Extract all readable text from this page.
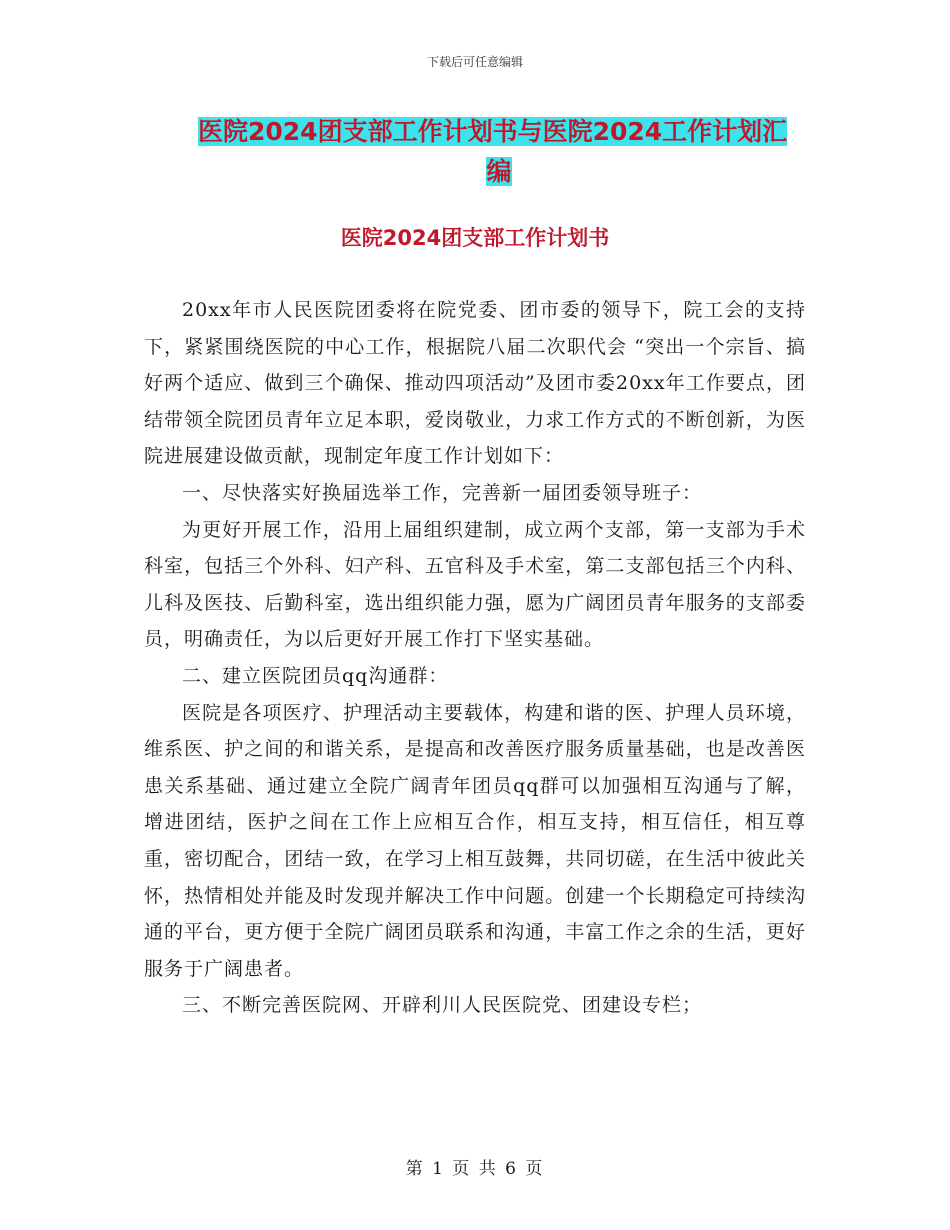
下载后可任意编辑
医院2024团支部工作计划书与医院2024工作计划汇
编
医院2024团支部工作计划书

20xx年市人民医院团委将在院党委、团市委的领导下，院工会的支持下，紧紧围绕医院的中心工作，根据院八届二次职代会 “突出一个宗旨、搞好两个适应、做到三个确保、推动四项活动”及团市委20xx年工作要点，团结带领全院团员青年立足本职，爱岗敬业，力求工作方式的不断创新，为医院进展建设做贡献，现制定年度工作计划如下：

一、尽快落实好换届选举工作，完善新一届团委领导班子：

为更好开展工作，沿用上届组织建制，成立两个支部，第一支部为手术科室，包括三个外科、妇产科、五官科及手术室，第二支部包括三个内科、儿科及医技、后勤科室，选出组织能力强，愿为广阔团员青年服务的支部委员，明确责任，为以后更好开展工作打下坚实基础。

二、建立医院团员qq沟通群：

医院是各项医疗、护理活动主要载体，构建和谐的医、护理人员环境，维系医、护之间的和谐关系，是提高和改善医疗服务质量基础，也是改善医患关系基础、通过建立全院广阔青年团员qq群可以加强相互沟通与了解，增进团结，医护之间在工作上应相互合作，相互支持，相互信任，相互尊重，密切配合，团结一致，在学习上相互鼓舞，共同切磋，在生活中彼此关怀，热情相处并能及时发现并解决工作中问题。创建一个长期稳定可持续沟通的平台，更方便于全院广阔团员联系和沟通，丰富工作之余的生活，更好服务于广阔患者。

三、不断完善医院网、开辟利川人民医院党、团建设专栏；

第 1 页 共 6 页
